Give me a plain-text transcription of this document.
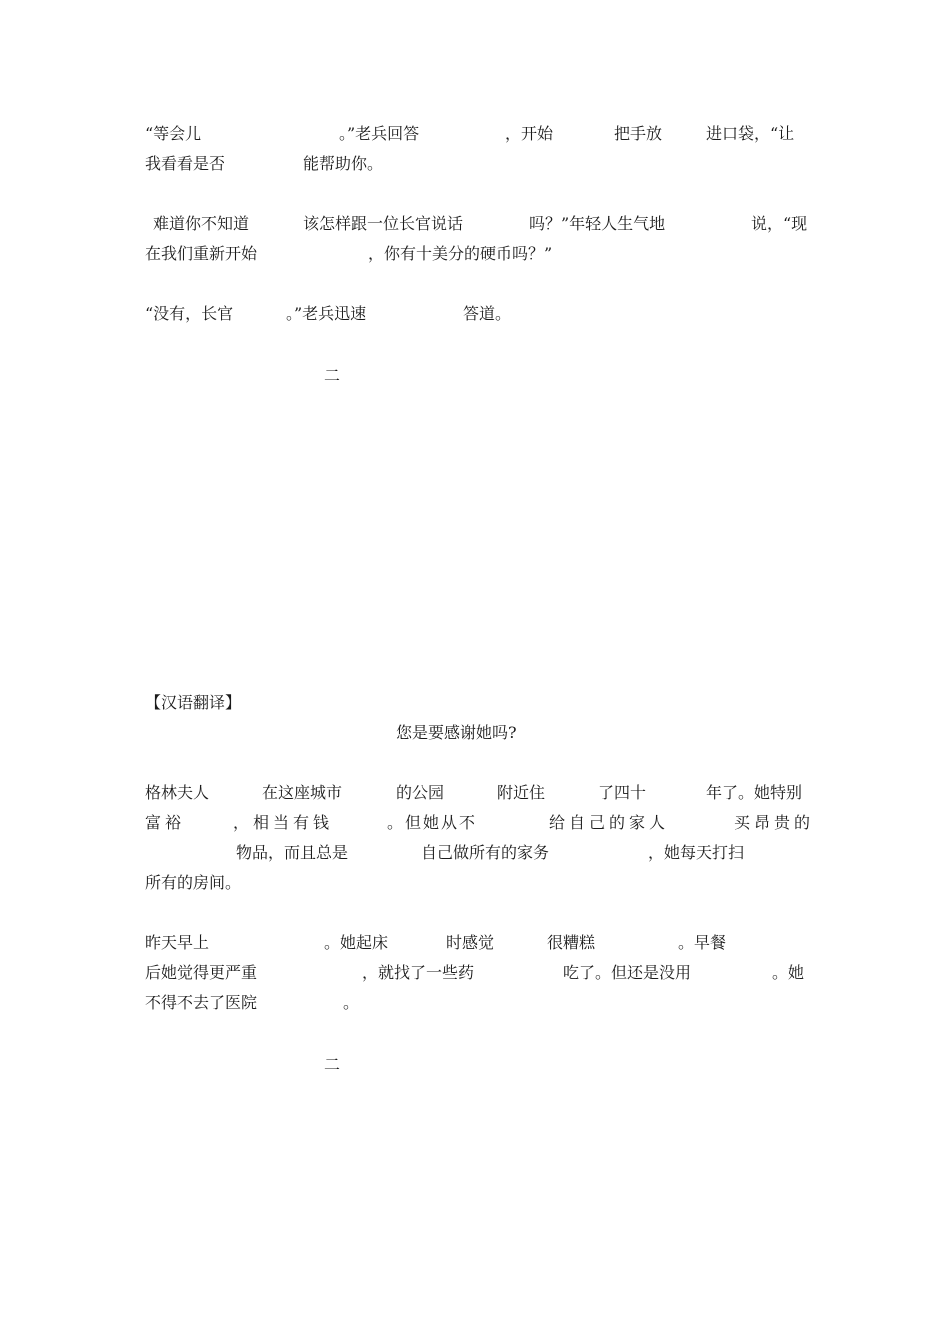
“等会儿	。”老兵回答	，开始	把手放	进口袋，“让
我看看是否	能帮助你。
难道你不知道	该怎样跟一位长官说话	吗？”年轻人生气地	说，“现
在我们重新开始	，你有十美分的硬币吗？”
“没有，长官	。”老兵迅速	答道。
二
【汉语翻译】
您是要感谢她吗?
格林夫人	在这座城市	的公园	附近住	了四十	年了。她特别
富裕	，相当有钱	。但她从不	给自己的家人	买昂贵的
物品，而且总是	自己做所有的家务	，她每天打扫
所有的房间。
昨天早上	。她起床	时感觉	很糟糕	。早餐
后她觉得更严重	，就找了一些药	吃了。但还是没用	。她
不得不去了医院	。
二
